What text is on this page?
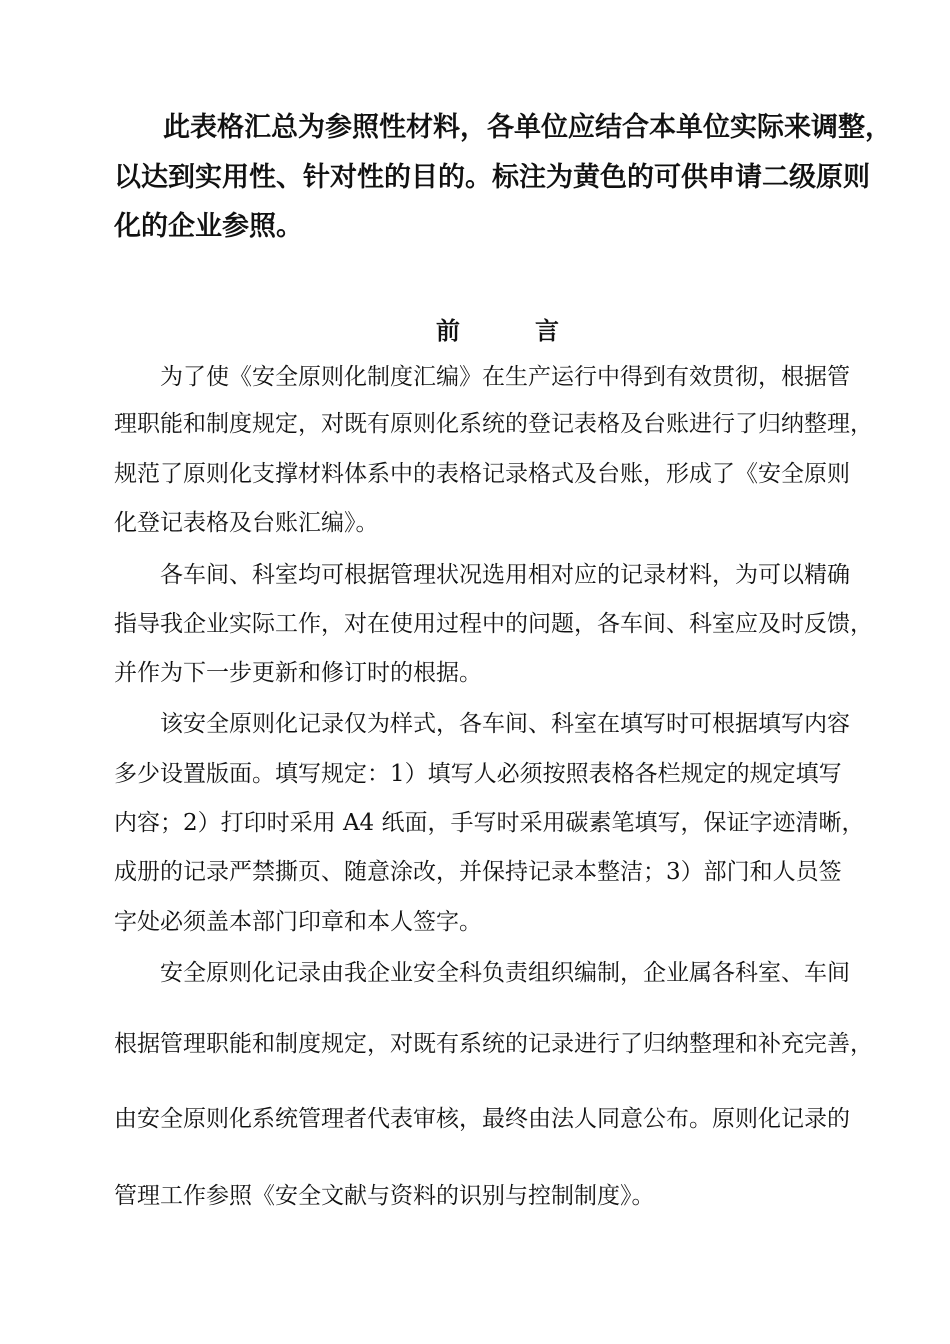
此表格汇总为参照性材料，各单位应结合本单位实际来调整，
以达到实用性、针对性的目的。标注为黄色的可供申请二级原则
化的企业参照。
前	言
为了使《安全原则化制度汇编》在生产运行中得到有效贯彻，根据管
理职能和制度规定，对既有原则化系统的登记表格及台账进行了归纳整理，
规范了原则化支撑材料体系中的表格记录格式及台账，形成了《安全原则
化登记表格及台账汇编》。
各车间、科室均可根据管理状况选用相对应的记录材料，为可以精确
指导我企业实际工作，对在使用过程中的问题，各车间、科室应及时反馈，
并作为下一步更新和修订时的根据。
该安全原则化记录仅为样式，各车间、科室在填写时可根据填写内容
多少设置版面。填写规定：1）填写人必须按照表格各栏规定的规定填写
内容；2）打印时采用 A4 纸面，手写时采用碳素笔填写，保证字迹清晰，
成册的记录严禁撕页、随意涂改，并保持记录本整洁；3）部门和人员签
字处必须盖本部门印章和本人签字。
安全原则化记录由我企业安全科负责组织编制，企业属各科室、车间
根据管理职能和制度规定，对既有系统的记录进行了归纳整理和补充完善，
由安全原则化系统管理者代表审核，最终由法人同意公布。原则化记录的
管理工作参照《安全文献与资料的识别与控制制度》。
